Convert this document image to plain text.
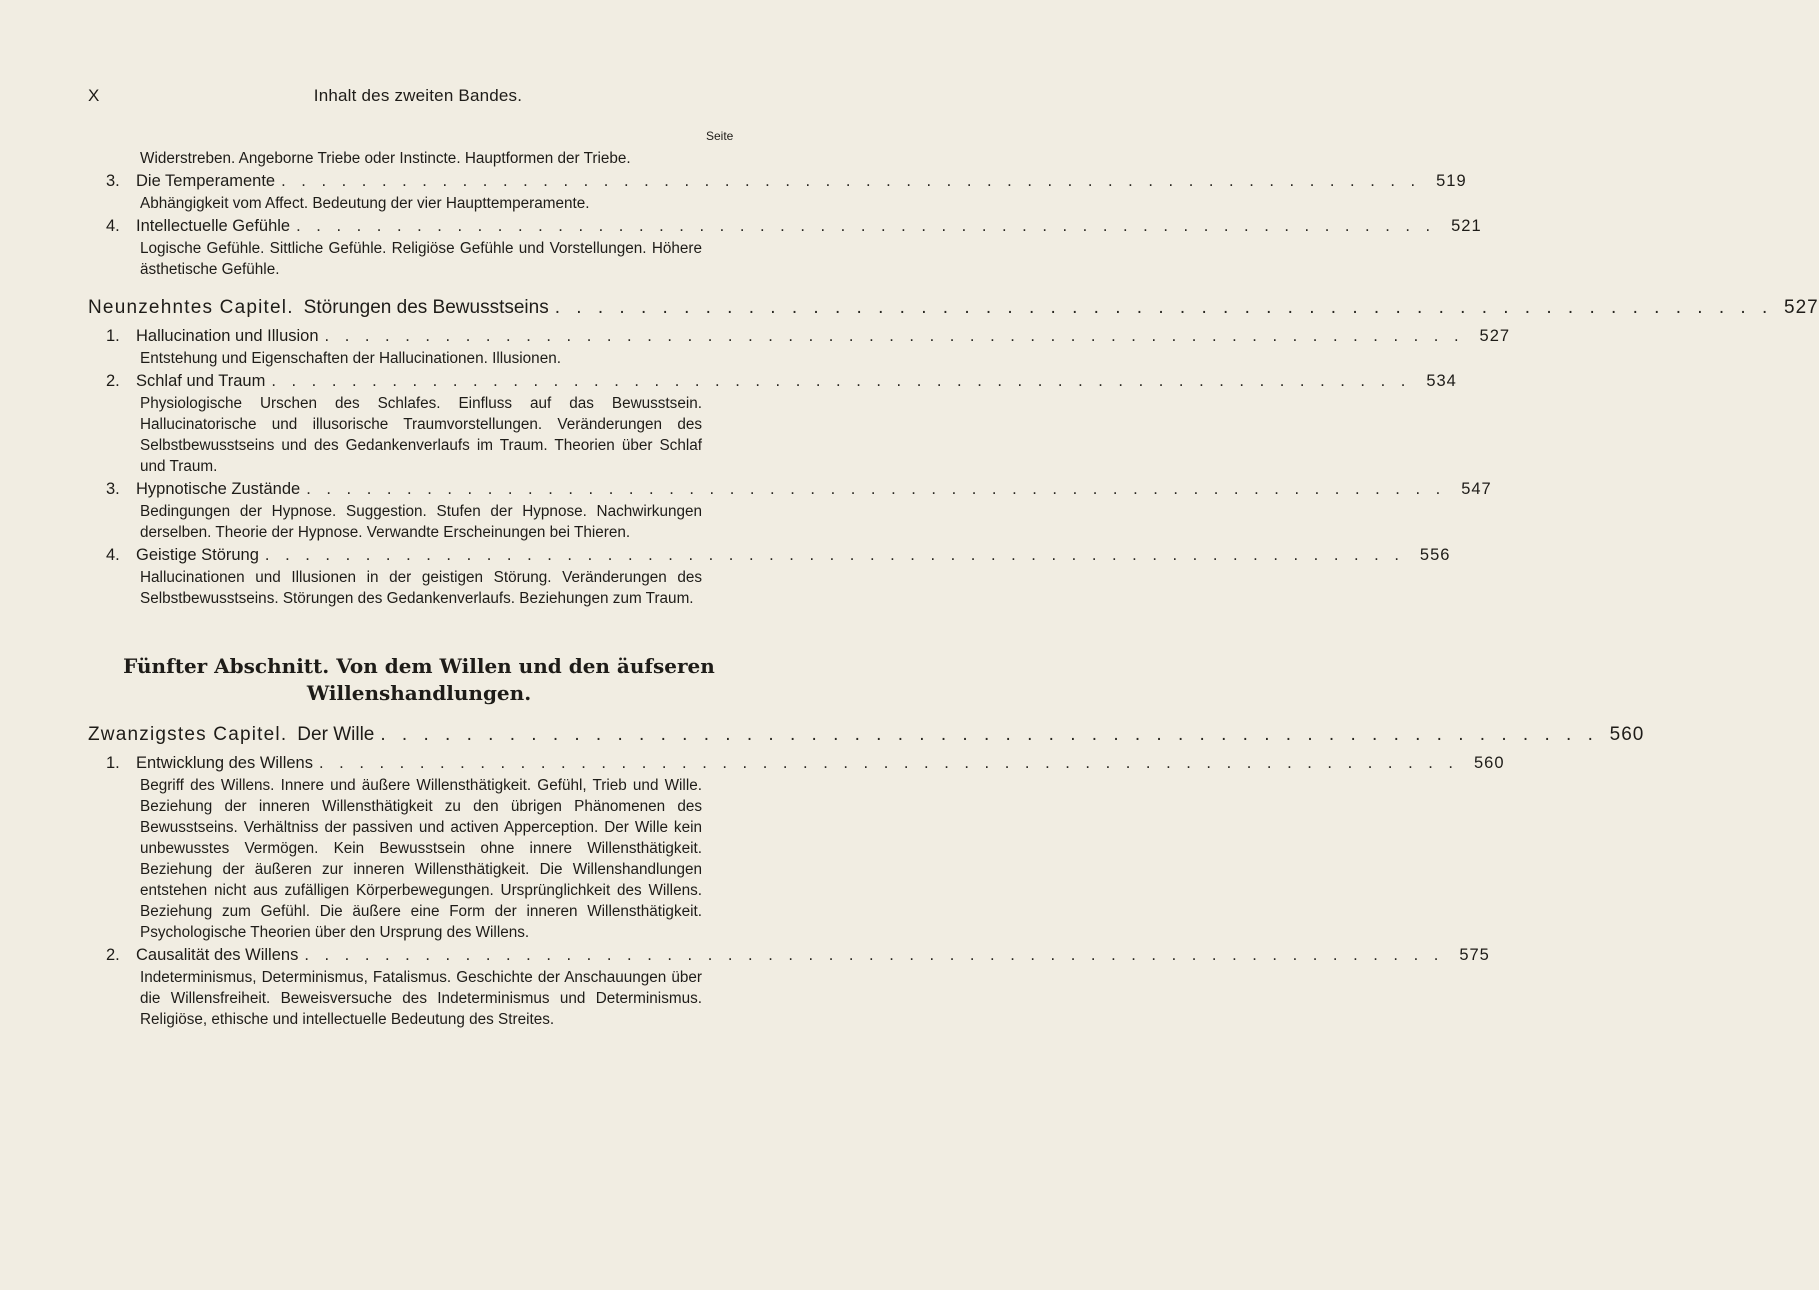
X	Inhalt des zweiten Bandes.
Seite
Widerstreben. Angeborne Triebe oder Instincte. Hauptformen der Triebe.
3. Die Temperamente . . . . . . . . . . . . . . . . . . . . . . . . . . . . . . . . . . . . . . . . . . . . . . . . . . . . . . . . . 519
Abhängigkeit vom Affect. Bedeutung der vier Haupttemperamente.
4. Intellectuelle Gefühle . . . . . . . . . . . . . . . . . . . . . . . . . . . . . . . . . . . . . . . . . . . . . . . . . . . . . . . . . 521
Logische Gefühle. Sittliche Gefühle. Religiöse Gefühle und Vorstellungen. Höhere ästhetische Gefühle.
Neunzehntes Capitel. Störungen des Bewusstseins . . . . . . . . . . . . . . . . . . . . . . . . . . . . . . . . . . . . . . . . . . . . . . . . . . . . . . . . . 527
1. Hallucination und Illusion . . . . . . . . . . . . . . . . . . . . . . . . . . . . . . . . . . . . . . . . . . . . . . . . . . . . . . . . . 527
Entstehung und Eigenschaften der Hallucinationen. Illusionen.
2. Schlaf und Traum . . . . . . . . . . . . . . . . . . . . . . . . . . . . . . . . . . . . . . . . . . . . . . . . . . . . . . . . . 534
Physiologische Urschen des Schlafes. Einfluss auf das Bewusstsein. Hallucinatorische und illusorische Traumvorstellungen. Veränderungen des Selbstbewusstseins und des Gedankenverlaufs im Traum. Theorien über Schlaf und Traum.
3. Hypnotische Zustände . . . . . . . . . . . . . . . . . . . . . . . . . . . . . . . . . . . . . . . . . . . . . . . . . . . . . . . . . 547
Bedingungen der Hypnose. Suggestion. Stufen der Hypnose. Nachwirkungen derselben. Theorie der Hypnose. Verwandte Erscheinungen bei Thieren.
4. Geistige Störung . . . . . . . . . . . . . . . . . . . . . . . . . . . . . . . . . . . . . . . . . . . . . . . . . . . . . . . . . 556
Hallucinationen und Illusionen in der geistigen Störung. Veränderungen des Selbstbewusstseins. Störungen des Gedankenverlaufs. Beziehungen zum Traum.
Fünfter Abschnitt. Von dem Willen und den äufseren
Willenshandlungen.
Zwanzigstes Capitel. Der Wille . . . . . . . . . . . . . . . . . . . . . . . . . . . . . . . . . . . . . . . . . . . . . . . . . . . . . . . . . 560
1. Entwicklung des Willens . . . . . . . . . . . . . . . . . . . . . . . . . . . . . . . . . . . . . . . . . . . . . . . . . . . . . . . . . 560
Begriff des Willens. Innere und äußere Willensthätigkeit. Gefühl, Trieb und Wille. Beziehung der inneren Willensthätigkeit zu den übrigen Phänomenen des Bewusstseins. Verhältniss der passiven und activen Apperception. Der Wille kein unbewusstes Vermögen. Kein Bewusstsein ohne innere Willensthätigkeit. Beziehung der äußeren zur inneren Willensthätigkeit. Die Willenshandlungen entstehen nicht aus zufälligen Körperbewegungen. Ursprünglichkeit des Willens. Beziehung zum Gefühl. Die äußere eine Form der inneren Willensthätigkeit. Psychologische Theorien über den Ursprung des Willens.
2. Causalität des Willens . . . . . . . . . . . . . . . . . . . . . . . . . . . . . . . . . . . . . . . . . . . . . . . . . . . . . . . . . 575
Indeterminismus, Determinismus, Fatalismus. Geschichte der Anschauungen über die Willensfreiheit. Beweisversuche des Indeterminismus und Determinismus. Religiöse, ethische und intellectuelle Bedeutung des Streites.
